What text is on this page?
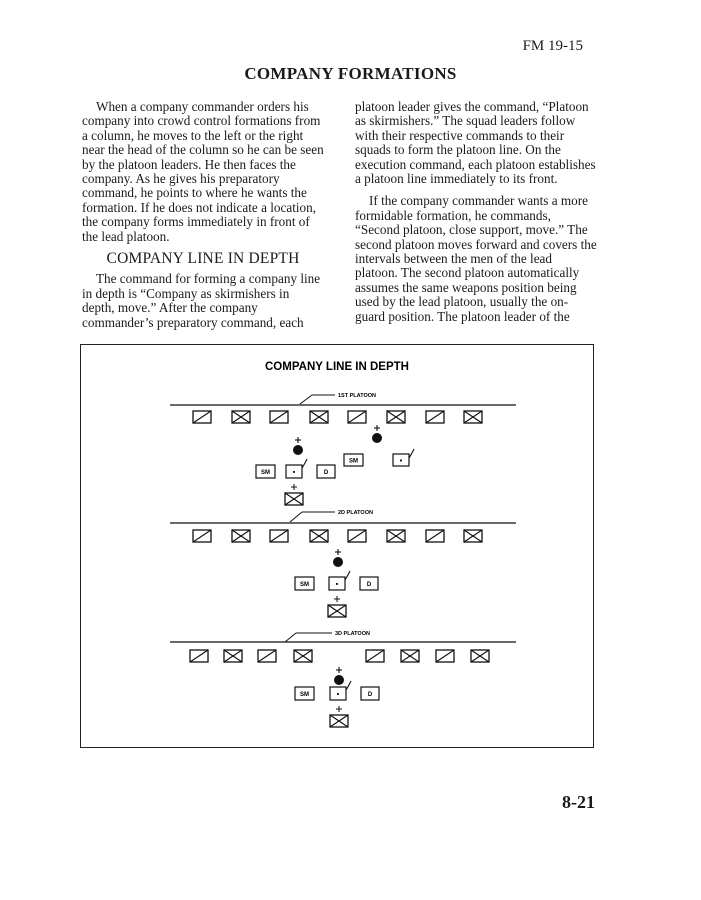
FM 19-15
COMPANY FORMATIONS

When a company commander orders his company into crowd control formations from a column, he moves to the left or the right near the head of the column so he can be seen by the platoon leaders. He then faces the company. As he gives his preparatory command, he points to where he wants the formation. If he does not indicate a location, the company forms immediately in front of the lead platoon.

COMPANY LINE IN DEPTH

The command for forming a company line in depth is “Company as skirmishers in depth, move.” After the company commander’s preparatory command, each

platoon leader gives the command, “Platoon as skirmishers.” The squad leaders follow with their respective commands to their squads to form the platoon line. On the execution command, each platoon establishes a platoon line immediately to its front.

If the company commander wants a more formidable formation, he commands, “Second platoon, close support, move.” The second platoon moves forward and covers the intervals between the men of the lead platoon. The second platoon automatically assumes the same weapons position being used by the lead platoon, usually the on-guard position. The platoon leader of the

COMPANY LINE IN DEPTH
1ST PLATOON
SM	•
SM	•	D
2D PLATOON
SM	•	D
3D PLATOON
SM	•	D
8-21
